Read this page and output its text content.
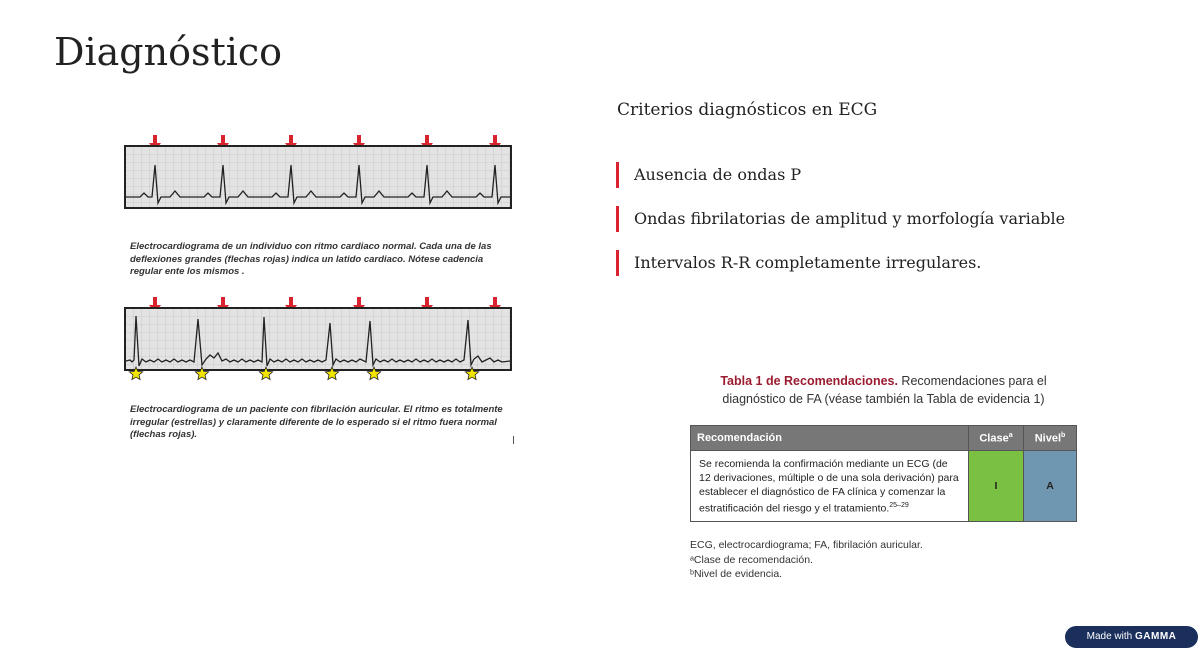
Diagnóstico
Criterios diagnósticos en ECG
Ausencia de ondas P
Ondas fibrilatorias de amplitud y morfología variable
Intervalos R-R completamente irregulares.
Electrocardiograma de un individuo con ritmo cardiaco normal. Cada una de las deflexiones grandes (flechas rojas) indica un latido cardiaco. Nótese cadencia regular ente los mismos .
Electrocardiograma de un paciente con fibrilación auricular. El ritmo es totalmente irregular (estrellas) y claramente diferente de lo esperado si el ritmo fuera normal (flechas rojas).
Tabla 1 de Recomendaciones. Recomendaciones para el diagnóstico de FA (véase también la Tabla de evidencia 1)
Recomendación	Clase$^a$	Nivel$^b$
Se recomienda la confirmación mediante un ECG (de 12 derivaciones, múltiple o de una sola derivación) para establecer el diagnóstico de FA clínica y comenzar la estratificación del riesgo y el tratamiento.$^{25-29}$	I	A
ECG, electrocardiograma; FA, fibrilación auricular.
ᵃClase de recomendación.
ᵇNivel de evidencia.
Made with GAMMA
